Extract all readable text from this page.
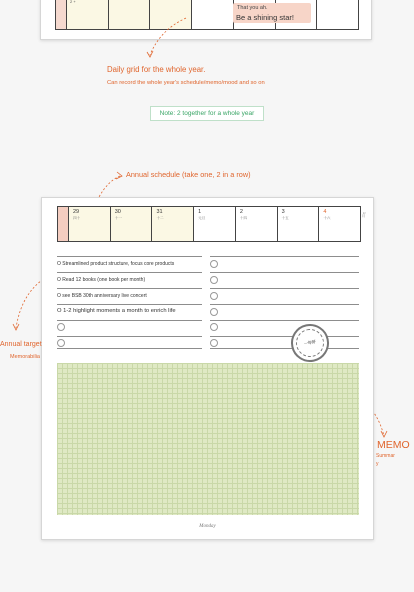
2 +
That you ah.
Be a shining star!
Daily grid for the whole year.
Can record the whole year's schedule/memo/mood and so on
Note: 2 together for a whole year
Annual schedule (take one, 2 in a row)
29
四十
30
十一
31
十二
1
元旦
2
十四
3
十五
4
十六
1月
O Streamlined product structure, focus core products
O Read 12 books (one book per month)
O see BSB 30th anniversary live concert
O 1-2 highlight moments a month to enrich life
一年好
Monday
Annual target
Memorabilia
MEMO
Summar y
